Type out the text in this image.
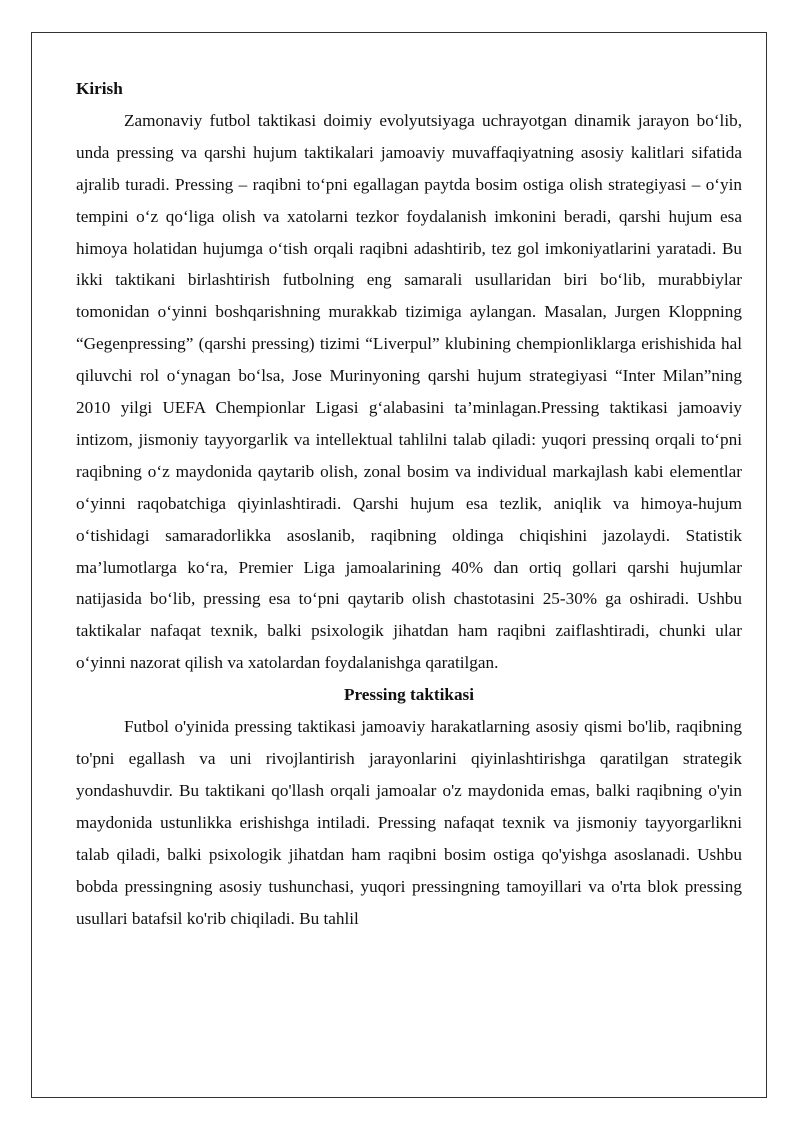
Kirish

Zamonaviy futbol taktikasi doimiy evolyutsiyaga uchrayotgan dinamik jarayon bo‘lib, unda pressing va qarshi hujum taktikalari jamoaviy muvaffaqiyatning asosiy kalitlari sifatida ajralib turadi. Pressing – raqibni to‘pni egallagan paytda bosim ostiga olish strategiyasi – o‘yin tempini o‘z qo‘liga olish va xatolarni tezkor foydalanish imkonini beradi, qarshi hujum esa himoya holatidan hujumga o‘tish orqali raqibni adashtirib, tez gol imkoniyatlarini yaratadi. Bu ikki taktikani birlashtirish futbolning eng samarali usullaridan biri bo‘lib, murabbiylar tomonidan o‘yinni boshqarishning murakkab tizimiga aylangan. Masalan, Jurgen Kloppning “Gegenpressing” (qarshi pressing) tizimi “Liverpul” klubining chempionliklarga erishishida hal qiluvchi rol o‘ynagan bo‘lsa, Jose Murinyoning qarshi hujum strategiyasi “Inter Milan”ning 2010 yilgi UEFA Chempionlar Ligasi g‘alabasini ta’minlagan.Pressing taktikasi jamoaviy intizom, jismoniy tayyorgarlik va intellektual tahlilni talab qiladi: yuqori pressinq orqali to‘pni raqibning o‘z maydonida qaytarib olish, zonal bosim va individual markajlash kabi elementlar o‘yinni raqobatchiga qiyinlashtiradi. Qarshi hujum esa tezlik, aniqlik va himoya-hujum o‘tishidagi samaradorlikka asoslanib, raqibning oldinga chiqishini jazolaydi. Statistik ma’lumotlarga ko‘ra, Premier Liga jamoalarining 40% dan ortiq gollari qarshi hujumlar natijasida bo‘lib, pressing esa to‘pni qaytarib olish chastotasini 25-30% ga oshiradi. Ushbu taktikalar nafaqat texnik, balki psixologik jihatdan ham raqibni zaiflashtiradi, chunki ular o‘yinni nazorat qilish va xatolardan foydalanishga qaratilgan.

Pressing taktikasi

Futbol o'yinida pressing taktikasi jamoaviy harakatlarning asosiy qismi bo'lib, raqibning to'pni egallash va uni rivojlantirish jarayonlarini qiyinlashtirishga qaratilgan strategik yondashuvdir. Bu taktikani qo'llash orqali jamoalar o'z maydonida emas, balki raqibning o'yin maydonida ustunlikka erishishga intiladi. Pressing nafaqat texnik va jismoniy tayyorgarlikni talab qiladi, balki psixologik jihatdan ham raqibni bosim ostiga qo'yishga asoslanadi. Ushbu bobda pressingning asosiy tushunchasi, yuqori pressingning tamoyillari va o'rta blok pressing usullari batafsil ko'rib chiqiladi. Bu tahlil
